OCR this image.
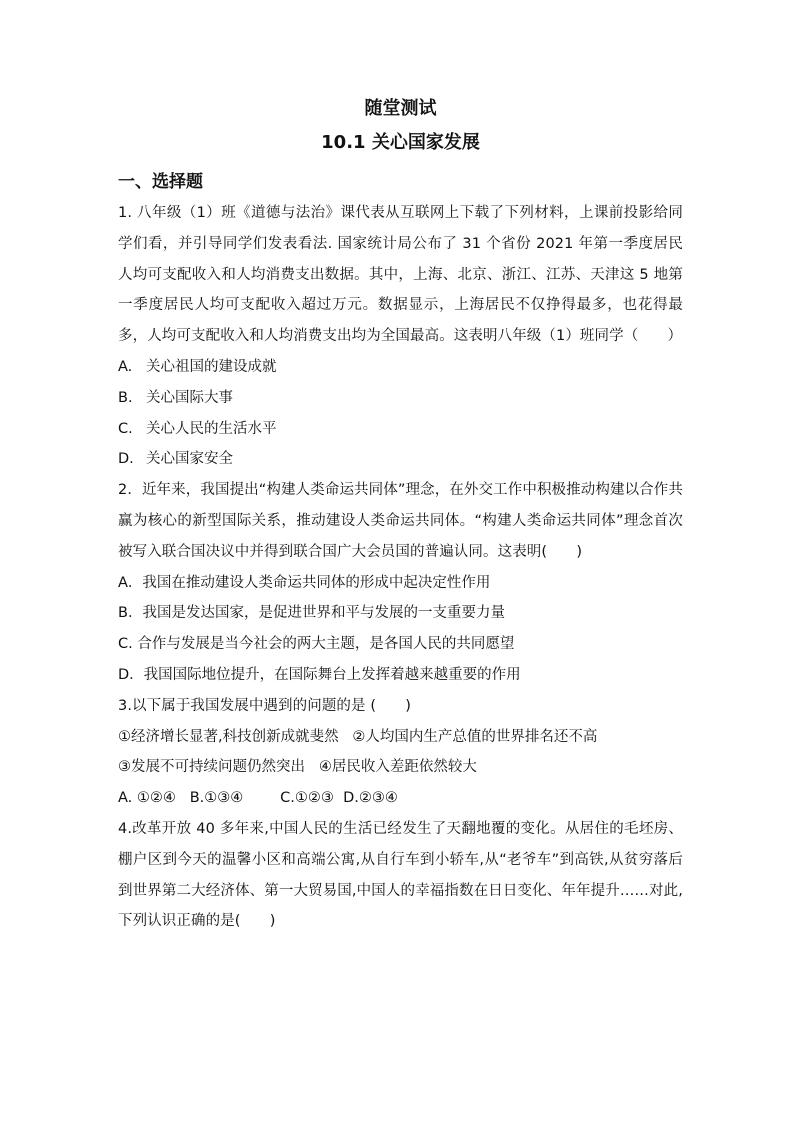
随堂测试

10.1 关心国家发展

一、选择题

1. 八年级（1）班《道德与法治》课代表从互联网上下载了下列材料，上课前投影给同学们看，并引导同学们发表看法. 国家统计局公布了 31 个省份 2021 年第一季度居民人均可支配收入和人均消费支出数据。其中，上海、北京、浙江、江苏、天津这 5 地第一季度居民人均可支配收入超过万元。数据显示，上海居民不仅挣得最多，也花得最多，人均可支配收入和人均消费支出均为全国最高。这表明八年级（1）班同学（　　）

A. 关心祖国的建设成就

B. 关心国际大事

C. 关心人民的生活水平

D. 关心国家安全

2．近年来，我国提出“构建人类命运共同体”理念，在外交工作中积极推动构建以合作共赢为核心的新型国际关系，推动建设人类命运共同体。“构建人类命运共同体”理念首次被写入联合国决议中并得到联合国广大会员国的普遍认同。这表明(　　)

A．我国在推动建设人类命运共同体的形成中起决定性作用

B．我国是发达国家，是促进世界和平与发展的一支重要力量

C. 合作与发展是当今社会的两大主题，是各国人民的共同愿望

D．我国国际地位提升，在国际舞台上发挥着越来越重要的作用

3.以下属于我国发展中遇到的问题的是 (　　)

①经济增长显著,科技创新成就斐然   ②人均国内生产总值的世界排名还不高

③发展不可持续问题仍然突出   ④居民收入差距依然较大

A. ①②④   B.①③④        C.①②③  D.②③④

4.改革开放 40 多年来,中国人民的生活已经发生了天翻地覆的变化。从居住的毛坯房、棚户区到今天的温馨小区和高端公寓,从自行车到小轿车,从“老爷车”到高铁,从贫穷落后到世界第二大经济体、第一大贸易国,中国人的幸福指数在日日变化、年年提升……对此,下列认识正确的是(　　)
